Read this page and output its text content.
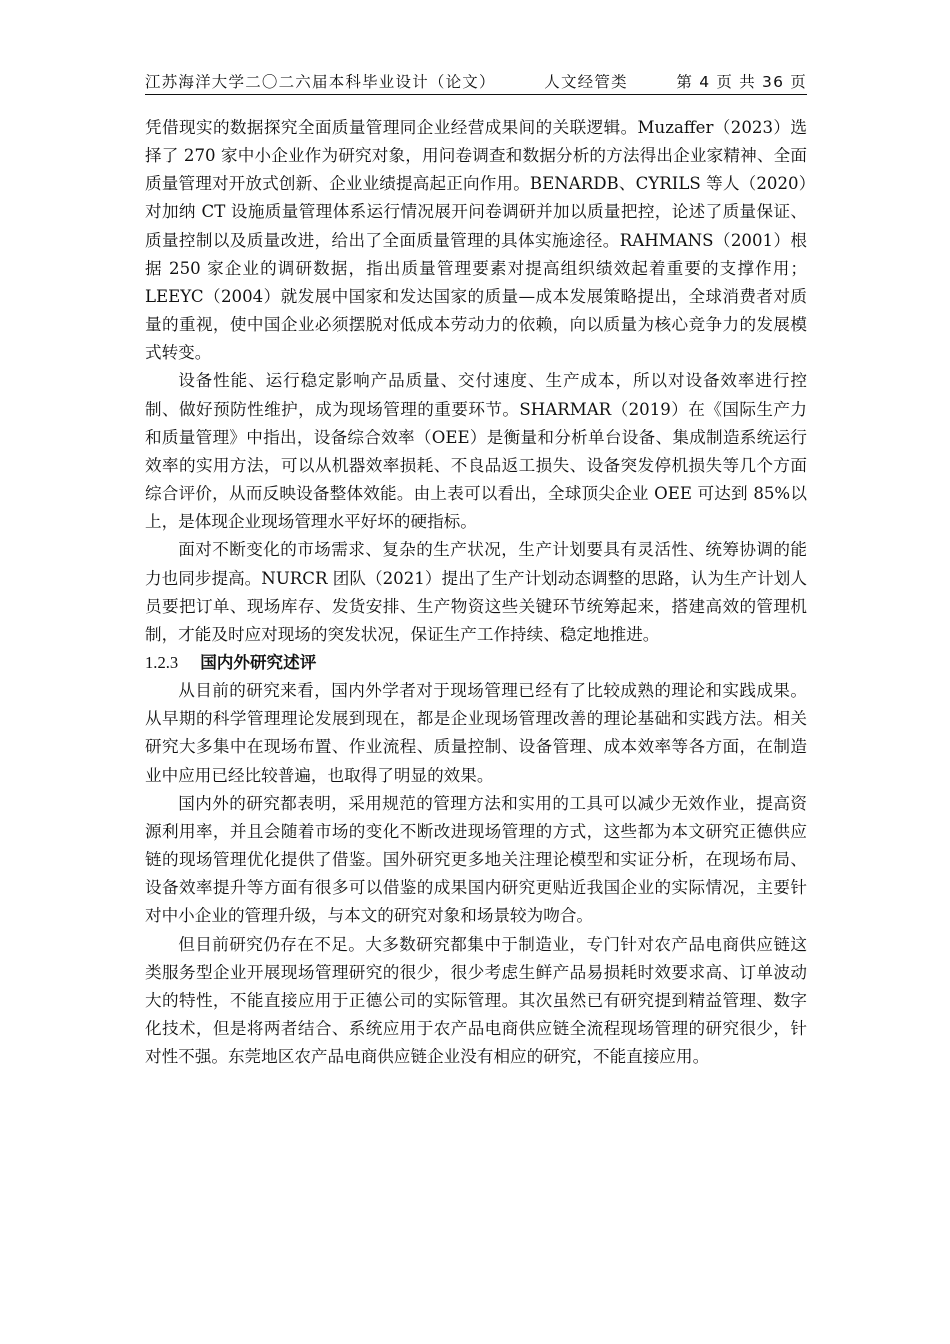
江苏海洋大学二〇二六届本科毕业设计（论文）	人文经管类	第 4 页 共 36 页

凭借现实的数据探究全面质量管理同企业经营成果间的关联逻辑。Muzaffer（2023）选择了 270 家中小企业作为研究对象，用问卷调查和数据分析的方法得出企业家精神、全面质量管理对开放式创新、企业业绩提高起正向作用。BENARDB、CYRILS 等人（2020）对加纳 CT 设施质量管理体系运行情况展开问卷调研并加以质量把控，论述了质量保证、质量控制以及质量改进，给出了全面质量管理的具体实施途径。RAHMANS（2001）根据 250 家企业的调研数据，指出质量管理要素对提高组织绩效起着重要的支撑作用；LEEYC（2004）就发展中国家和发达国家的质量—成本发展策略提出，全球消费者对质量的重视，使中国企业必须摆脱对低成本劳动力的依赖，向以质量为核心竞争力的发展模式转变。

设备性能、运行稳定影响产品质量、交付速度、生产成本，所以对设备效率进行控制、做好预防性维护，成为现场管理的重要环节。SHARMAR（2019）在《国际生产力和质量管理》中指出，设备综合效率（OEE）是衡量和分析单台设备、集成制造系统运行效率的实用方法，可以从机器效率损耗、不良品返工损失、设备突发停机损失等几个方面综合评价，从而反映设备整体效能。由上表可以看出，全球顶尖企业 OEE 可达到 85%以上，是体现企业现场管理水平好坏的硬指标。

面对不断变化的市场需求、复杂的生产状况，生产计划要具有灵活性、统筹协调的能力也同步提高。NURCR 团队（2021）提出了生产计划动态调整的思路，认为生产计划人员要把订单、现场库存、发货安排、生产物资这些关键环节统筹起来，搭建高效的管理机制，才能及时应对现场的突发状况，保证生产工作持续、稳定地推进。

1.2.3 国内外研究述评

从目前的研究来看，国内外学者对于现场管理已经有了比较成熟的理论和实践成果。从早期的科学管理理论发展到现在，都是企业现场管理改善的理论基础和实践方法。相关研究大多集中在现场布置、作业流程、质量控制、设备管理、成本效率等各方面，在制造业中应用已经比较普遍，也取得了明显的效果。

国内外的研究都表明，采用规范的管理方法和实用的工具可以减少无效作业，提高资源利用率，并且会随着市场的变化不断改进现场管理的方式，这些都为本文研究正德供应链的现场管理优化提供了借鉴。国外研究更多地关注理论模型和实证分析，在现场布局、设备效率提升等方面有很多可以借鉴的成果国内研究更贴近我国企业的实际情况，主要针对中小企业的管理升级，与本文的研究对象和场景较为吻合。

但目前研究仍存在不足。大多数研究都集中于制造业，专门针对农产品电商供应链这类服务型企业开展现场管理研究的很少，很少考虑生鲜产品易损耗时效要求高、订单波动大的特性，不能直接应用于正德公司的实际管理。其次虽然已有研究提到精益管理、数字化技术，但是将两者结合、系统应用于农产品电商供应链全流程现场管理的研究很少，针对性不强。东莞地区农产品电商供应链企业没有相应的研究，不能直接应用。
